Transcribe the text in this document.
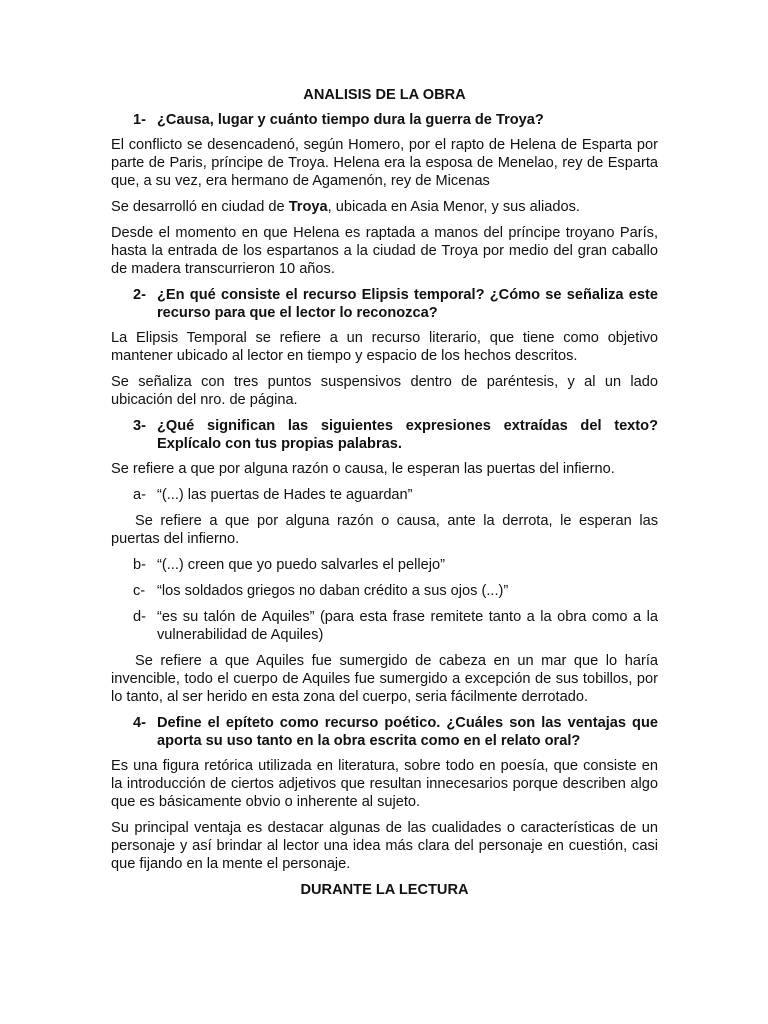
ANALISIS DE LA OBRA

1- ¿Causa, lugar y cuánto tiempo dura la guerra de Troya?

El conflicto se desencadenó, según Homero, por el rapto de Helena de Esparta por parte de Paris, príncipe de Troya. Helena era la esposa de Menelao, rey de Esparta que, a su vez, era hermano de Agamenón, rey de Micenas

Se desarrolló en ciudad de Troya, ubicada en Asia Menor, y sus aliados.

Desde el momento en que Helena es raptada a manos del príncipe troyano París, hasta la entrada de los espartanos a la ciudad de Troya por medio del gran caballo de madera transcurrieron 10 años.

2- ¿En qué consiste el recurso Elipsis temporal? ¿Cómo se señaliza este recurso para que el lector lo reconozca?

La Elipsis Temporal se refiere a un recurso literario, que tiene como objetivo mantener ubicado al lector en tiempo y espacio de los hechos descritos.

Se señaliza con tres puntos suspensivos dentro de paréntesis, y al un lado ubicación del nro. de página.

3- ¿Qué significan las siguientes expresiones extraídas del texto? Explícalo con tus propias palabras.

Se refiere a que por alguna razón o causa, le esperan las puertas del infierno.

a- “(...) las puertas de Hades te aguardan”

Se refiere a que por alguna razón o causa, ante la derrota, le esperan las puertas del infierno.

b- “(...) creen que yo puedo salvarles el pellejo”
c- “los soldados griegos no daban crédito a sus ojos (...)”
d- “es su talón de Aquiles” (para esta frase remitete tanto a la obra como a la vulnerabilidad de Aquiles)

Se refiere a que Aquiles fue sumergido de cabeza en un mar que lo haría invencible, todo el cuerpo de Aquiles fue sumergido a excepción de sus tobillos, por lo tanto, al ser herido en esta zona del cuerpo, seria fácilmente derrotado.

4- Define el epíteto como recurso poético. ¿Cuáles son las ventajas que aporta su uso tanto en la obra escrita como en el relato oral?

Es una figura retórica utilizada en literatura, sobre todo en poesía, que consiste en la introducción de ciertos adjetivos que resultan innecesarios porque describen algo que es básicamente obvio o inherente al sujeto.

Su principal ventaja es destacar algunas de las cualidades o características de un personaje y así brindar al lector una idea más clara del personaje en cuestión, casi que fijando en la mente el personaje.

DURANTE LA LECTURA
